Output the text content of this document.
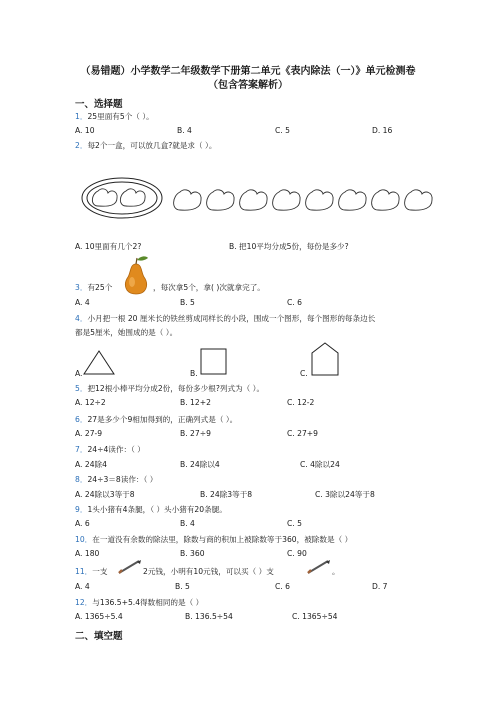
（易错题）小学数学二年级数学下册第二单元《表内除法（一）》单元检测卷
（包含答案解析）
一、选择题
1．25里面有5个（ ）。
A. 10	B. 4	C. 5	D. 16
2．每2个一盒，可以放几盒?就是求（ ）。
A. 10里面有几个2?	B. 把10平均分成5份，每份是多少?
3．有25个	，每次拿5个，拿( )次就拿完了。
A. 4	B. 5	C. 6
4．小月把一根 20 厘米长的铁丝剪成同样长的小段，围成一个图形，每个图形的每条边长
都是5厘米，她围成的是（ ）。
A.	B.	C.
5．把12根小棒平均分成2份，每份多少根?列式为（ ）。
A. 12÷2	B. 12+2	C. 12-2
6．27是多少个9相加得到的，正确列式是（ ）。
A. 27-9	B. 27÷9	C. 27+9
7．24÷4读作：（ ）
A. 24除4	B. 24除以4	C. 4除以24
8．24÷3＝8读作：（ ）
A. 24除以3等于8	B. 24除3等于8	C. 3除以24等于8
9．1头小猪有4条腿，（ ）头小猪有20条腿。
A. 6	B. 4	C. 5
10．在一道没有余数的除法里，除数与商的积加上被除数等于360，被除数是（ ）
A. 180	B. 360	C. 90
11．一支	2元钱，小明有10元钱，可以买（ ）支	。
A. 4	B. 5	C. 6	D. 7
12．与136.5+5.4得数相同的是（ ）
A. 1365÷5.4	B. 136.5÷54	C. 1365÷54
二、填空题
